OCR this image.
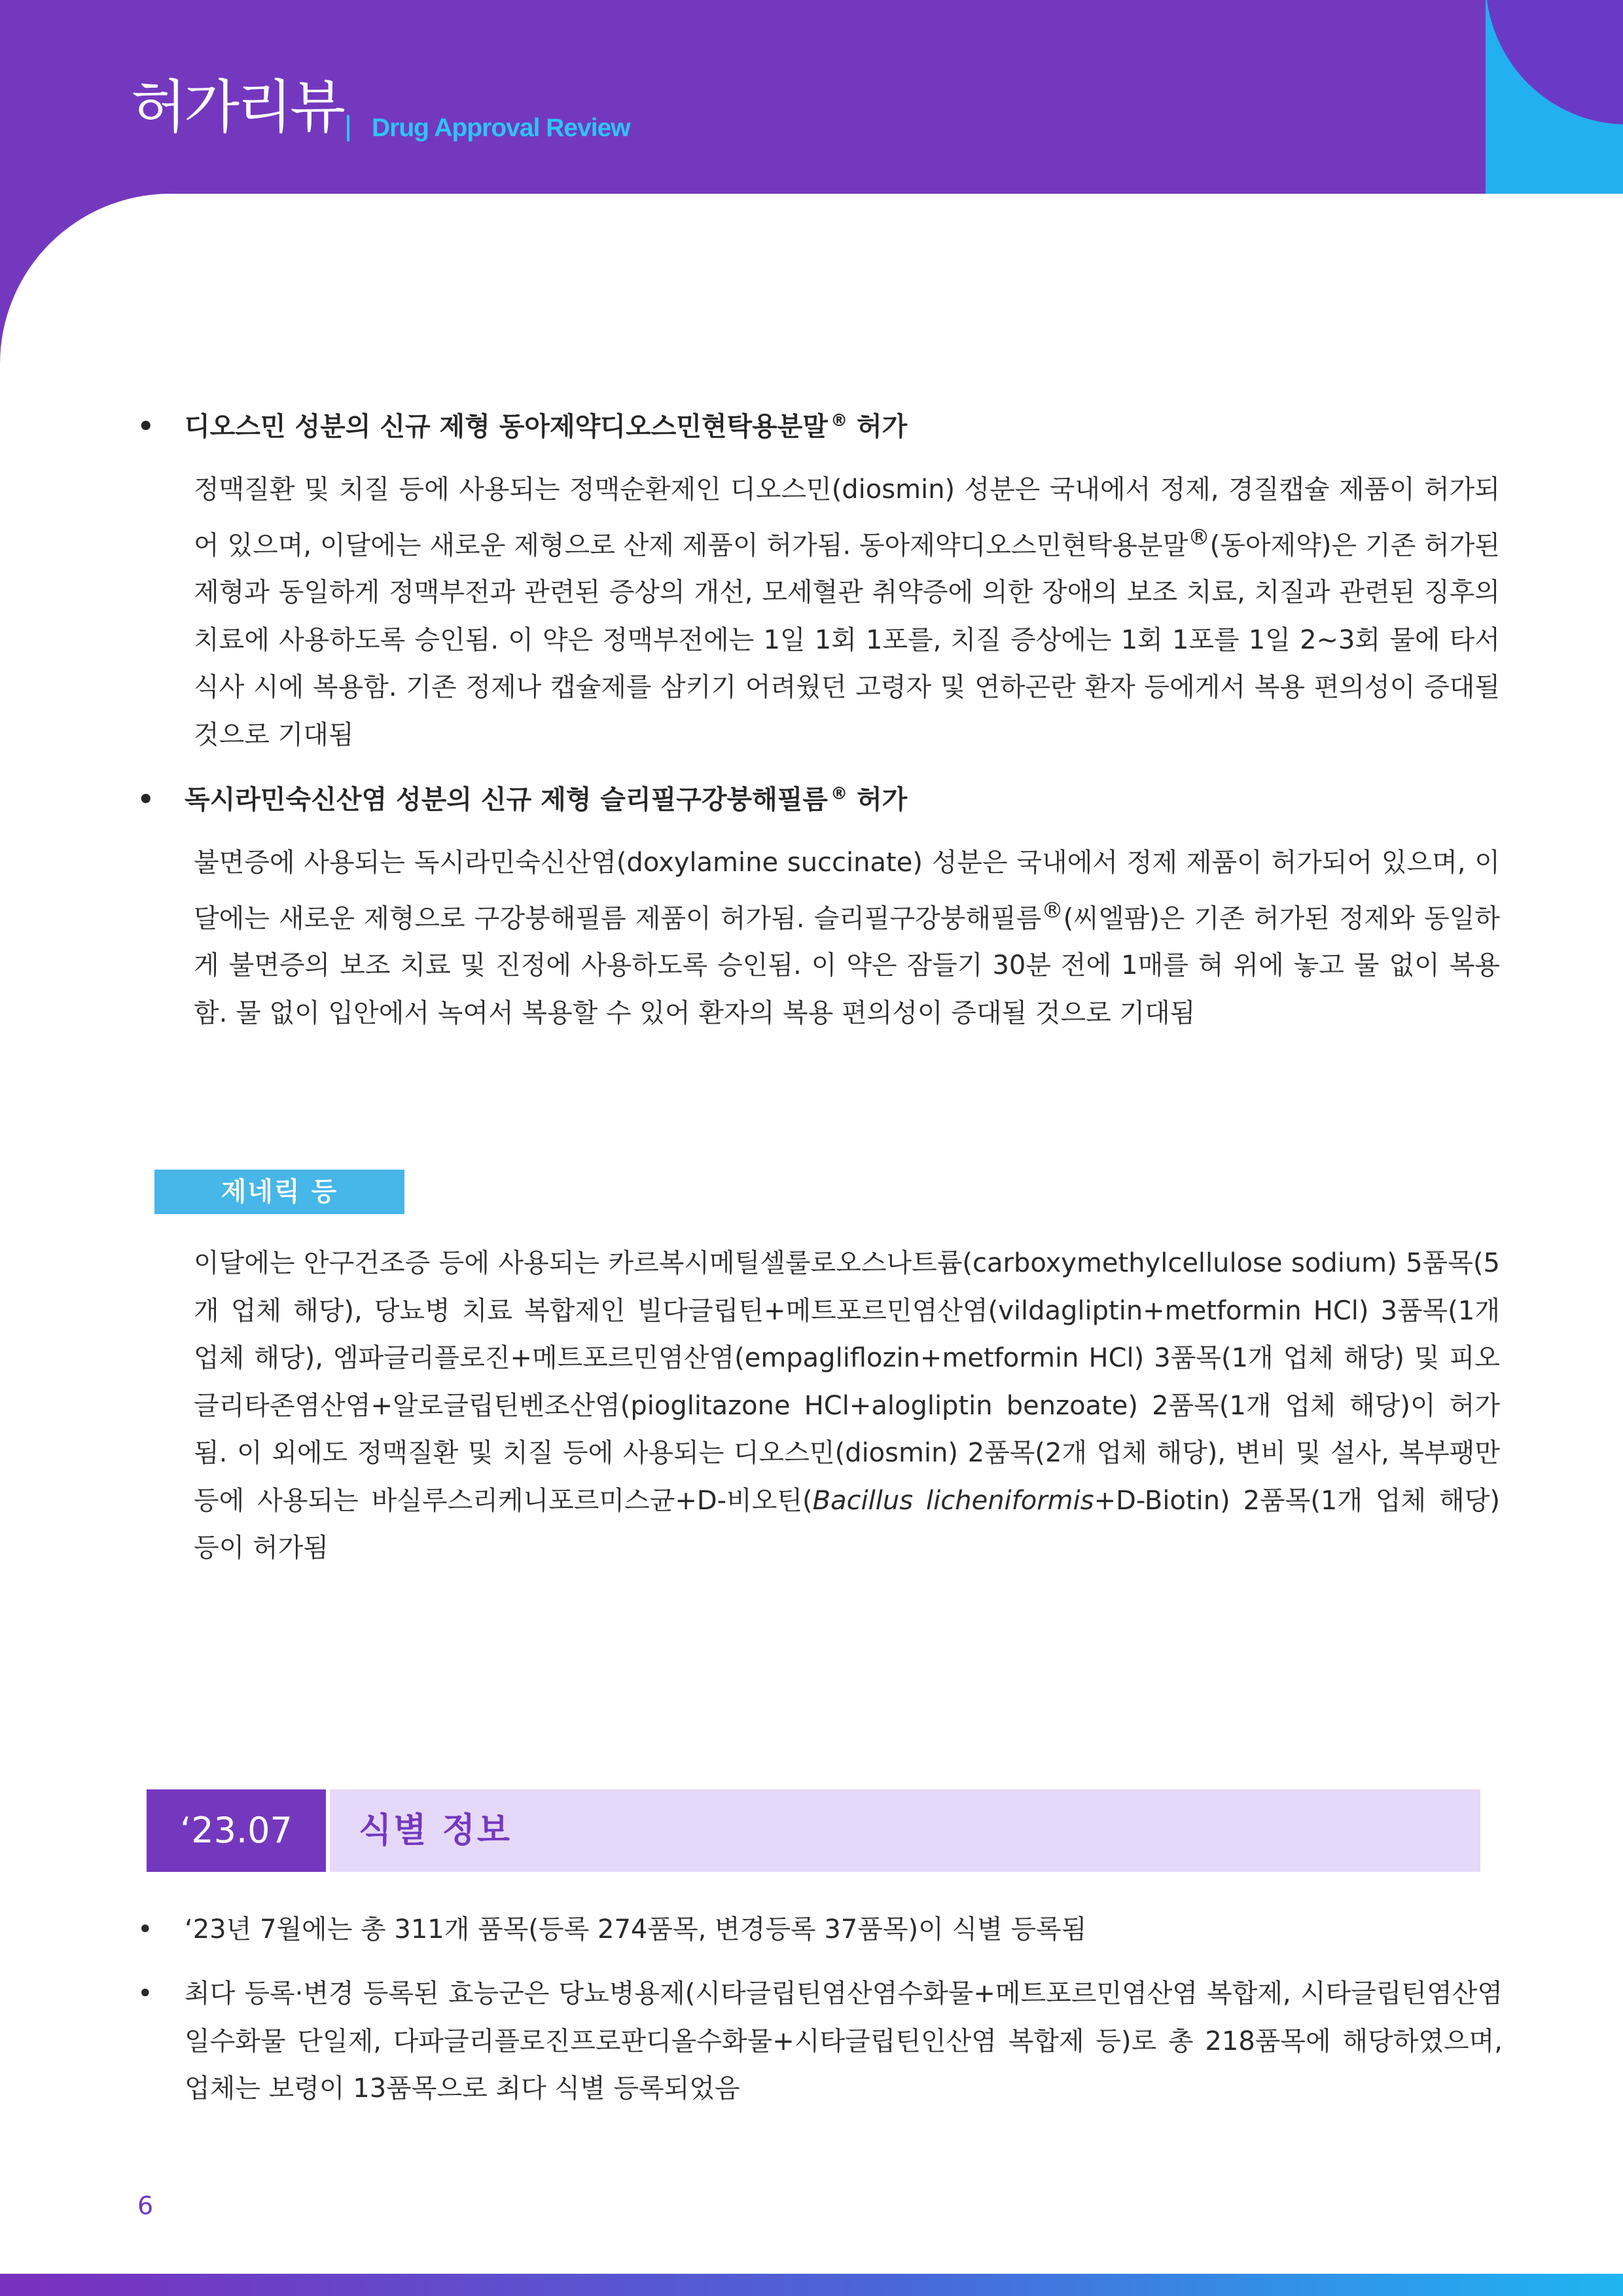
허가리뷰 Drug Approval Review
•	디오스민 성분의 신규 제형 동아제약디오스민현탁용분말 ® 허가

정맥질환 및 치질 등에 사용되는 정맥순환제인 디오스민(diosmin) 성분은 국내에서 정제, 경질캡슐 제품이 허가되어 있으며, 이달에는 새로운 제형으로 산제 제품이 허가됨. 동아제약디오스민현탁용분말®(동아제약)은 기존 허가된 제형과 동일하게 정맥부전과 관련된 증상의 개선, 모세혈관 취약증에 의한 장애의 보조 치료, 치질과 관련된 징후의 치료에 사용하도록 승인됨. 이 약은 정맥부전에는 1일 1회 1포를, 치질 증상에는 1회 1포를 1일 2~3회 물에 타서 식사 시에 복용함. 기존 정제나 캡슐제를 삼키기 어려웠던 고령자 및 연하곤란 환자 등에게서 복용 편의성이 증대될 것으로 기대됨

•	독시라민숙신산염 성분의 신규 제형 슬리필구강붕해필름 ® 허가

불면증에 사용되는 독시라민숙신산염(doxylamine succinate) 성분은 국내에서 정제 제품이 허가되어 있으며, 이달에는 새로운 제형으로 구강붕해필름 제품이 허가됨. 슬리필구강붕해필름®(씨엘팜)은 기존 허가된 정제와 동일하게 불면증의 보조 치료 및 진정에 사용하도록 승인됨. 이 약은 잠들기 30분 전에 1매를 혀 위에 놓고 물 없이 복용함. 물 없이 입안에서 녹여서 복용할 수 있어 환자의 복용 편의성이 증대될 것으로 기대됨

제네릭 등

이달에는 안구건조증 등에 사용되는 카르복시메틸셀룰로오스나트륨(carboxymethylcellulose sodium) 5품목(5개 업체 해당), 당뇨병 치료 복합제인 빌다글립틴+메트포르민염산염(vildagliptin+metformin HCl) 3품목(1개 업체 해당), 엠파글리플로진+메트포르민염산염(empagliflozin+metformin HCl) 3품목(1개 업체 해당) 및 피오글리타존염산염+알로글립틴벤조산염(pioglitazone HCl+alogliptin benzoate) 2품목(1개 업체 해당)이 허가됨. 이 외에도 정맥질환 및 치질 등에 사용되는 디오스민(diosmin) 2품목(2개 업체 해당), 변비 및 설사, 복부팽만 등에 사용되는 바실루스리케니포르미스균+D-비오틴(Bacillus licheniformis+D-Biotin) 2품목(1개 업체 해당) 등이 허가됨

‘23.07	식별 정보
•	‘23년 7월에는 총 311개 품목(등록 274품목, 변경등록 37품목)이 식별 등록됨
•	최다 등록·변경 등록된 효능군은 당뇨병용제(시타글립틴염산염수화물+메트포르민염산염 복합제, 시타글립틴염산염일수화물 단일제, 다파글리플로진프로판디올수화물+시타글립틴인산염 복합제 등)로 총 218품목에 해당하였으며, 업체는 보령이 13품목으로 최다 식별 등록되었음
6
